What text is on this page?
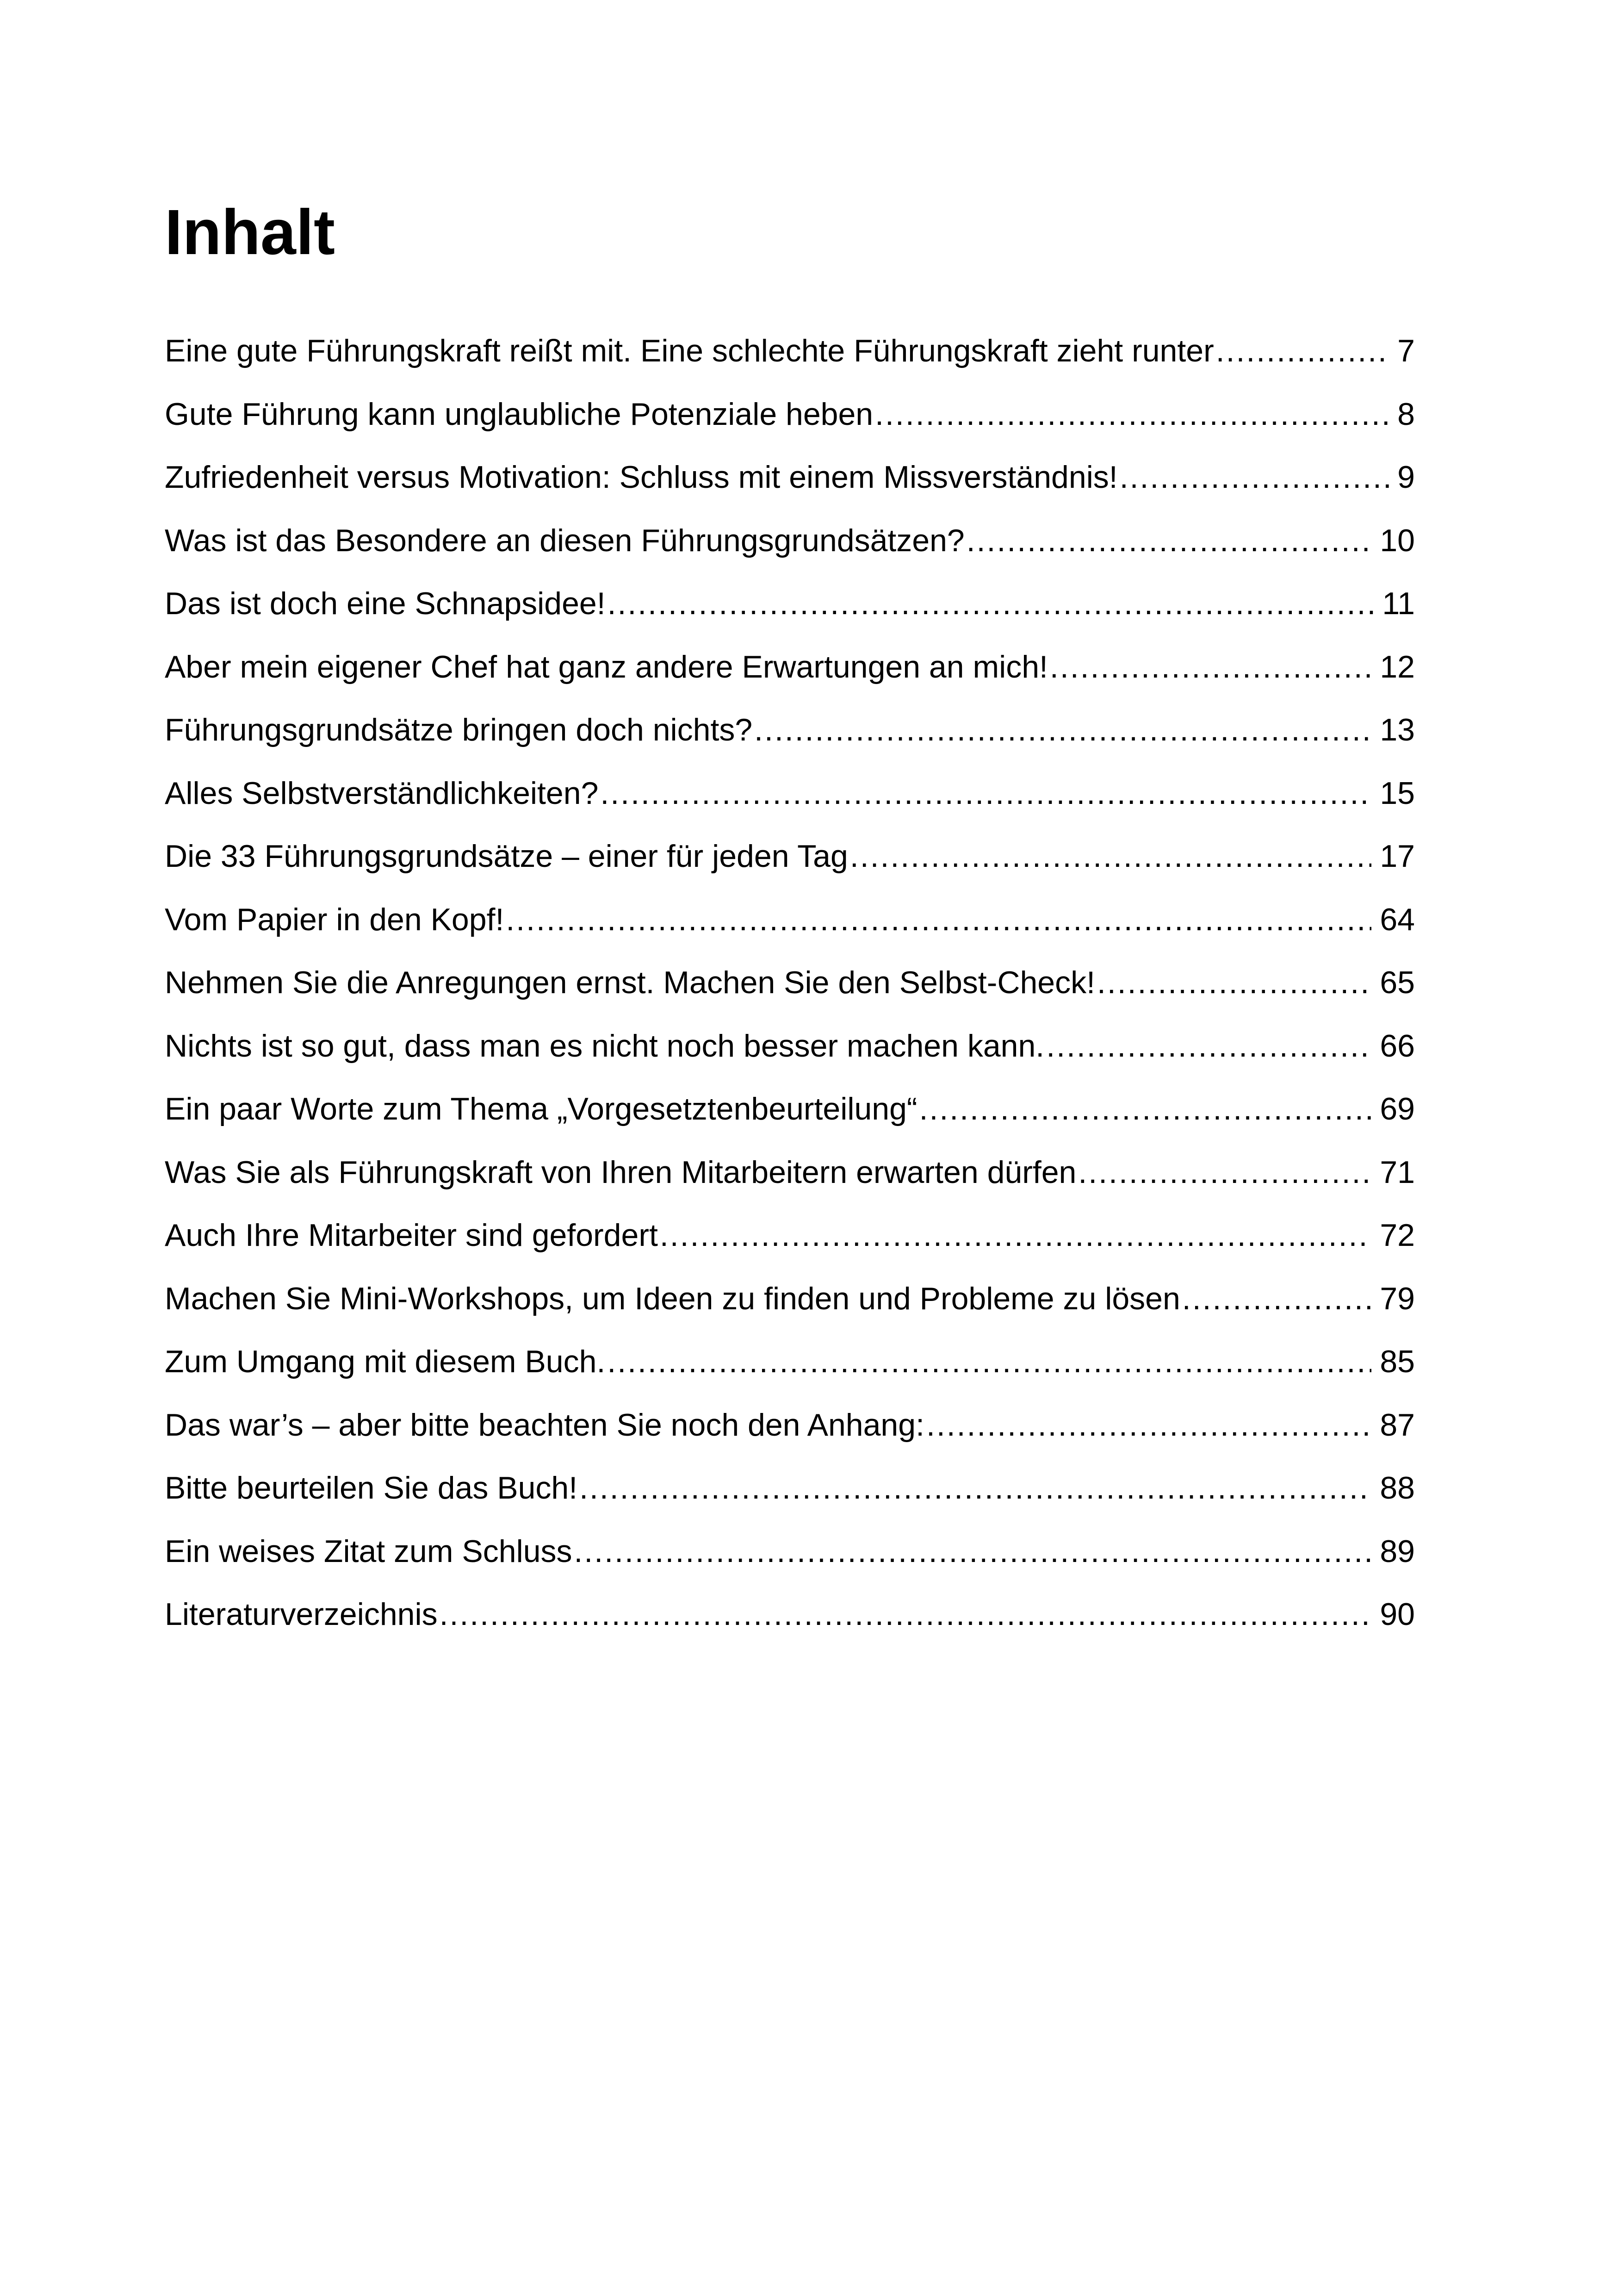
Inhalt
Eine gute Führungskraft reißt mit. Eine schlechte Führungskraft zieht runter .....	7
Gute Führung kann unglaubliche Potenziale heben .....	8
Zufriedenheit versus Motivation: Schluss mit einem Missverständnis! .....	9
Was ist das Besondere an diesen Führungsgrundsätzen? .....	10
Das ist doch eine Schnapsidee! .....	11
Aber mein eigener Chef hat ganz andere Erwartungen an mich! .....	12
Führungsgrundsätze bringen doch nichts? .....	13
Alles Selbstverständlichkeiten? .....	15
Die 33 Führungsgrundsätze – einer für jeden Tag .....	17
Vom Papier in den Kopf! .....	64
Nehmen Sie die Anregungen ernst. Machen Sie den Selbst-Check! .....	65
Nichts ist so gut, dass man es nicht noch besser machen kann. .....	66
Ein paar Worte zum Thema „Vorgesetztenbeurteilung“ .....	69
Was Sie als Führungskraft von Ihren Mitarbeitern erwarten dürfen .....	71
Auch Ihre Mitarbeiter sind gefordert .....	72
Machen Sie Mini-Workshops, um Ideen zu finden und Probleme zu lösen .....	79
Zum Umgang mit diesem Buch. .....	85
Das war’s – aber bitte beachten Sie noch den Anhang: .....	87
Bitte beurteilen Sie das Buch! .....	88
Ein weises Zitat zum Schluss .....	89
Literaturverzeichnis .....	90
